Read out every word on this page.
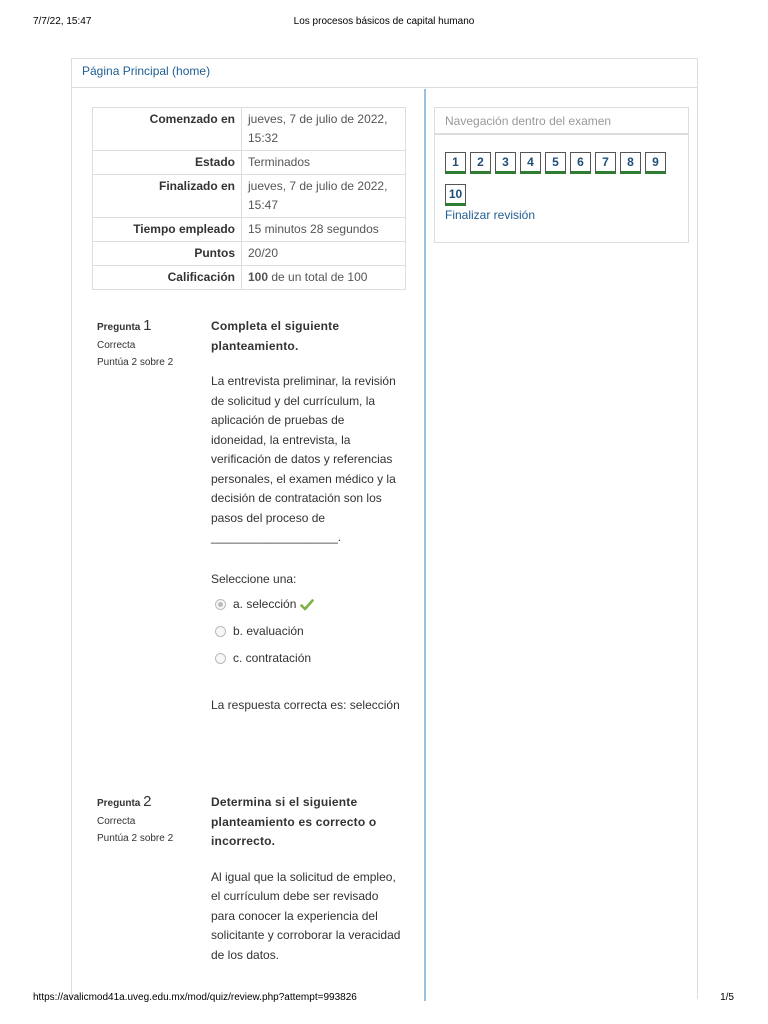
7/7/22, 15:47	Los procesos básicos de capital humano
Página Principal (home)
Comenzado en	jueves, 7 de julio de 2022, 15:32
Estado	Terminados
Finalizado en	jueves, 7 de julio de 2022, 15:47
Tiempo empleado	15 minutos 28 segundos
Puntos	20/20
Calificación	100 de un total de 100
Pregunta 1
Correcta
Puntúa 2 sobre 2

Completa el siguiente planteamiento.

La entrevista preliminar, la revisión de solicitud y del currículum, la aplicación de pruebas de idoneidad, la entrevista, la verificación de datos y referencias personales, el examen médico y la decisión de contratación son los pasos del proceso de ___________________.

Seleccione una:

a. selección
b. evaluación
c. contratación

La respuesta correcta es: selección

Pregunta 2
Correcta
Puntúa 2 sobre 2

Determina si el siguiente planteamiento es correcto o incorrecto.

Al igual que la solicitud de empleo, el currículum debe ser revisado para conocer la experiencia del solicitante y corroborar la veracidad de los datos.

Navegación dentro del examen
1 2 3 4 5 6 7 8 910
Finalizar revisión
https://avalicmod41a.uveg.edu.mx/mod/quiz/review.php?attempt=993826	1/5
